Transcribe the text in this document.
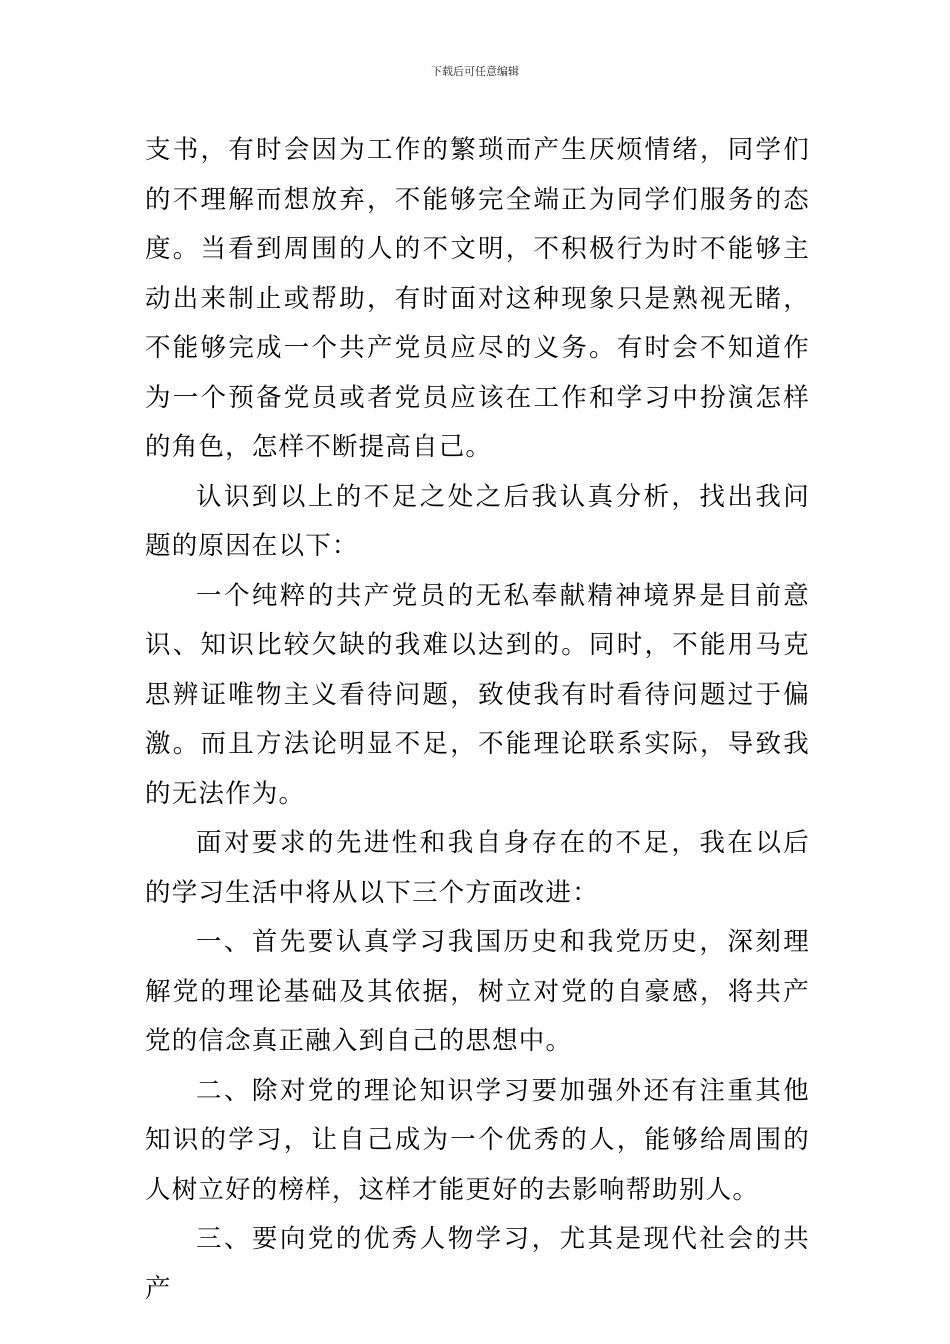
下载后可任意编辑

支书，有时会因为工作的繁琐而产生厌烦情绪，同学们的不理解而想放弃，不能够完全端正为同学们服务的态度。当看到周围的人的不文明，不积极行为时不能够主动出来制止或帮助，有时面对这种现象只是熟视无睹，不能够完成一个共产党员应尽的义务。有时会不知道作为一个预备党员或者党员应该在工作和学习中扮演怎样的角色，怎样不断提高自己。

认识到以上的不足之处之后我认真分析，找出我问题的原因在以下：

一个纯粹的共产党员的无私奉献精神境界是目前意识、知识比较欠缺的我难以达到的。同时，不能用马克思辨证唯物主义看待问题，致使我有时看待问题过于偏激。而且方法论明显不足，不能理论联系实际，导致我的无法作为。

面对要求的先进性和我自身存在的不足，我在以后的学习生活中将从以下三个方面改进：

一、首先要认真学习我国历史和我党历史，深刻理解党的理论基础及其依据，树立对党的自豪感，将共产党的信念真正融入到自己的思想中。

二、除对党的理论知识学习要加强外还有注重其他知识的学习，让自己成为一个优秀的人，能够给周围的人树立好的榜样，这样才能更好的去影响帮助别人。

三、要向党的优秀人物学习，尤其是现代社会的共产
